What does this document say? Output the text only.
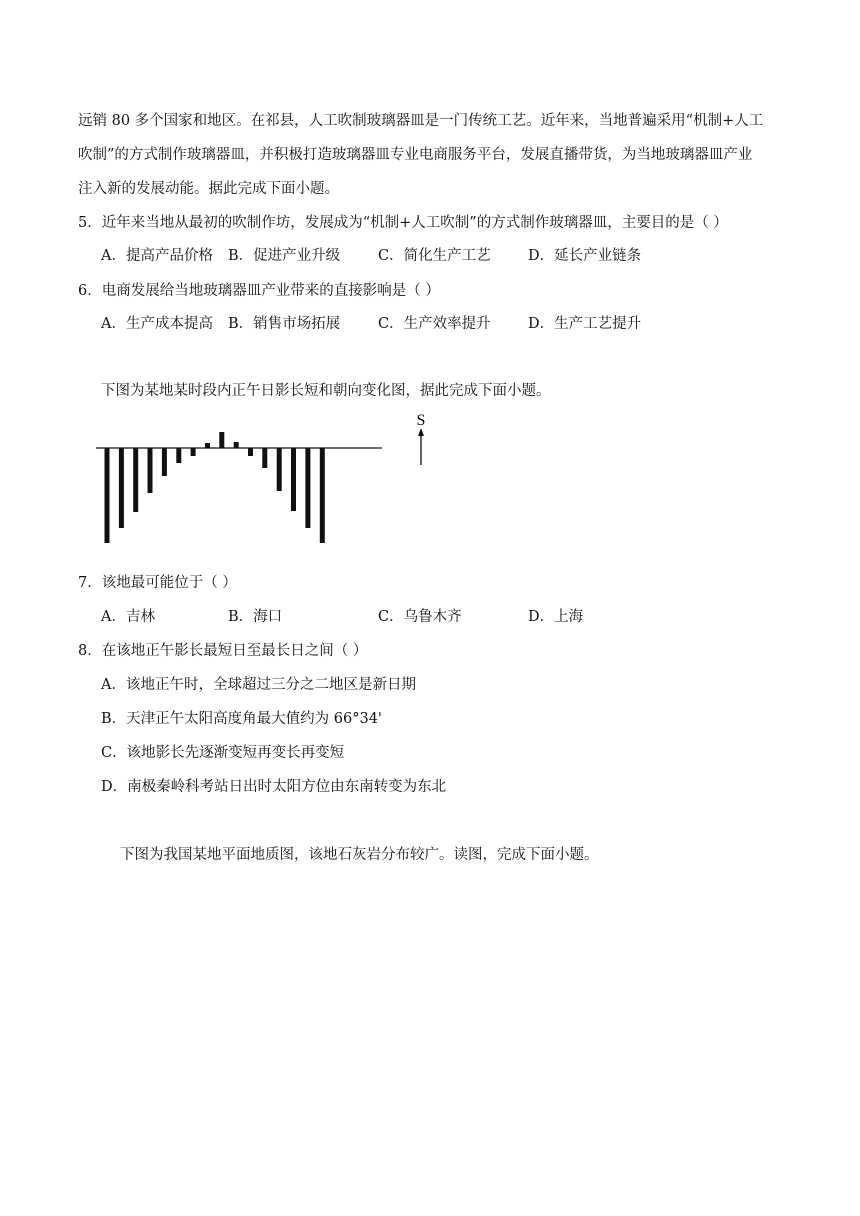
远销 80 多个国家和地区。在祁县，人工吹制玻璃器皿是一门传统工艺。近年来，当地普遍采用“机制+人工
吹制”的方式制作玻璃器皿，并积极打造玻璃器皿专业电商服务平台，发展直播带货，为当地玻璃器皿产业
注入新的发展动能。据此完成下面小题。
5．近年来当地从最初的吹制作坊，发展成为“机制+人工吹制”的方式制作玻璃器皿，主要目的是（ ）
A．提高产品价格 B．促进产业升级	C．简化生产工艺	D．延长产业链条
6．电商发展给当地玻璃器皿产业带来的直接影响是（ ）
A．生产成本提高 B．销售市场拓展	C．生产效率提升	D．生产工艺提升
下图为某地某时段内正午日影长短和朝向变化图，据此完成下面小题。
S
7．该地最可能位于（ ）
A．吉林	B．海口	C．乌鲁木齐	D．上海
8．在该地正午影长最短日至最长日之间（ ）
A．该地正午时，全球超过三分之二地区是新日期
B．天津正午太阳高度角最大值约为 66°34'
C．该地影长先逐渐变短再变长再变短
D．南极秦岭科考站日出时太阳方位由东南转变为东北
下图为我国某地平面地质图，该地石灰岩分布较广。读图，完成下面小题。
